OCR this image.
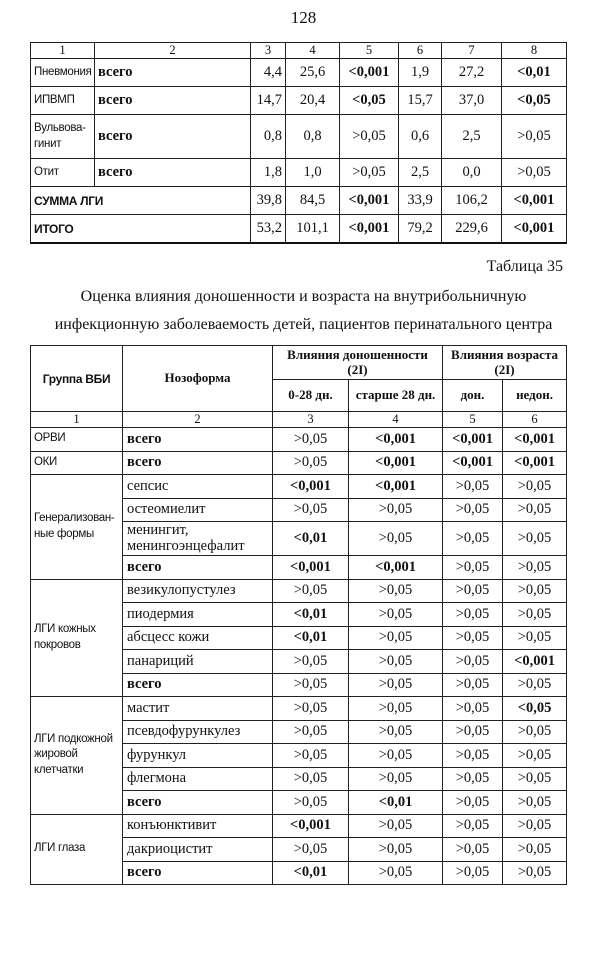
128
1	2	3	4	5	6	7	8
Пневмония	всего	4,4	25,6	<0,001	1,9	27,2	<0,01
ИПВМП	всего	14,7	20,4	<0,05	15,7	37,0	<0,05
Вульвова-гинит	всего	0,8	0,8	>0,05	0,6	2,5	>0,05
Отит	всего	1,8	1,0	>0,05	2,5	0,0	>0,05
СУММА ЛГИ		39,8	84,5	<0,001	33,9	106,2	<0,001
ИТОГО		53,2	101,1	<0,001	79,2	229,6	<0,001
Таблица 35
Оценка влияния доношенности и возраста на внутрибольничную
инфекционную заболеваемость детей, пациентов перинатального центра
Группа ВБИ	Нозоформа	Влияния доношенности (2I)		Влияния возраста (2I)	
		0-28 дн.	старше 28 дн.	дон.	недон.
1	2	3	4	5	6
ОРВИ	всего	>0,05	<0,001	<0,001	<0,001
ОКИ	всего	>0,05	<0,001	<0,001	<0,001
Генерализован-ные формы	сепсис	<0,001	<0,001	>0,05	>0,05
	остеомиелит	>0,05	>0,05	>0,05	>0,05
	менингит, менингоэнцефалит	<0,01	>0,05	>0,05	>0,05
	всего	<0,001	<0,001	>0,05	>0,05
ЛГИ кожных покровов	везикулопустулез	>0,05	>0,05	>0,05	>0,05
	пиодермия	<0,01	>0,05	>0,05	>0,05
	абсцесс кожи	<0,01	>0,05	>0,05	>0,05
	панариций	>0,05	>0,05	>0,05	<0,001
	всего	>0,05	>0,05	>0,05	>0,05
ЛГИ подкожной жировой клетчатки	мастит	>0,05	>0,05	>0,05	<0,05
	псевдофурункулез	>0,05	>0,05	>0,05	>0,05
	фурункул	>0,05	>0,05	>0,05	>0,05
	флегмона	>0,05	>0,05	>0,05	>0,05
	всего	>0,05	<0,01	>0,05	>0,05
ЛГИ глаза	конъюнктивит	<0,001	>0,05	>0,05	>0,05
	дакриоцистит	>0,05	>0,05	>0,05	>0,05
	всего	<0,01	>0,05	>0,05	>0,05
